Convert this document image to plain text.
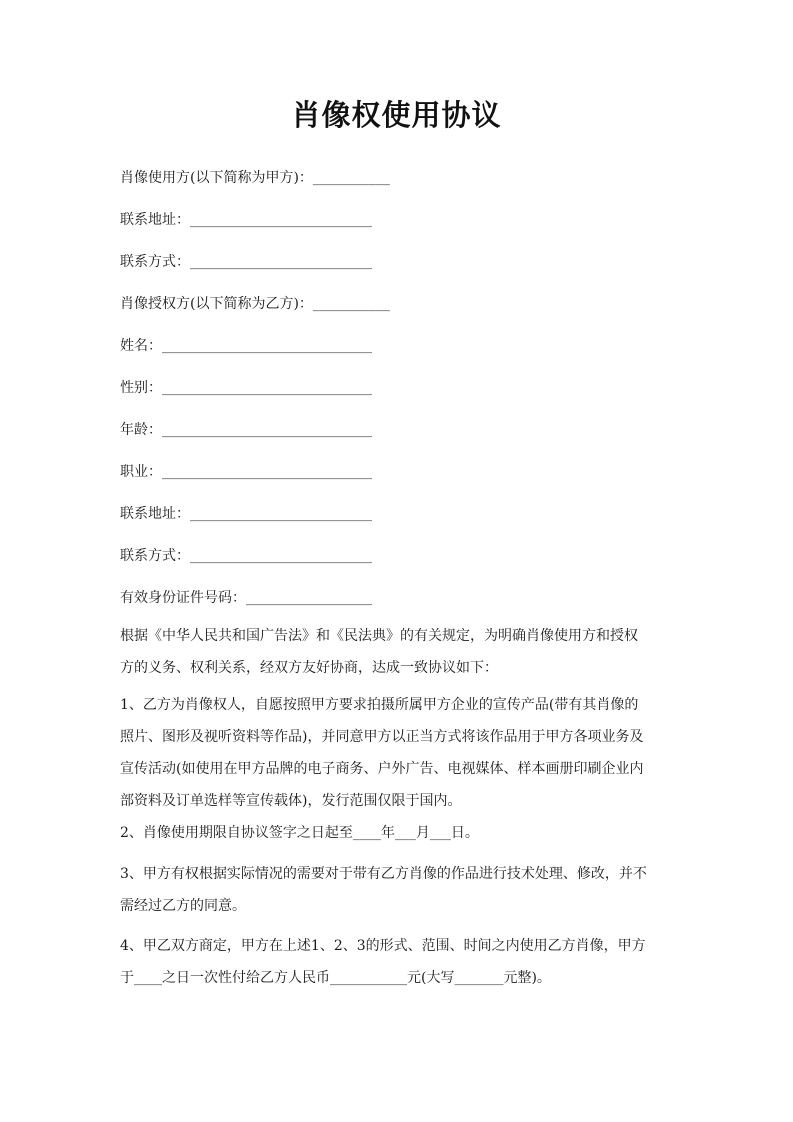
肖像权使用协议
肖像使用方(以下简称为甲方)：___________
联系地址：__________________________
联系方式：__________________________
肖像授权方(以下简称为乙方)：___________
姓名：______________________________
性别：______________________________
年龄：______________________________
职业：______________________________
联系地址：__________________________
联系方式：__________________________
有效身份证件号码：__________________
根据《中华人民共和国广告法》和《民法典》的有关规定，为明确肖像使用方和授权
方的义务、权利关系，经双方友好协商，达成一致协议如下：
1、乙方为肖像权人，自愿按照甲方要求拍摄所属甲方企业的宣传产品(带有其肖像的
照片、图形及视听资料等作品)，并同意甲方以正当方式将该作品用于甲方各项业务及
宣传活动(如使用在甲方品牌的电子商务、户外广告、电视媒体、样本画册印刷企业内
部资料及订单选样等宣传载体)，发行范围仅限于国内。
2、肖像使用期限自协议签字之日起至____年___月___日。
3、甲方有权根据实际情况的需要对于带有乙方肖像的作品进行技术处理、修改，并不
需经过乙方的同意。
4、甲乙双方商定，甲方在上述1、2、3的形式、范围、时间之内使用乙方肖像，甲方
于____之日一次性付给乙方人民币___________元(大写_______元整)。
